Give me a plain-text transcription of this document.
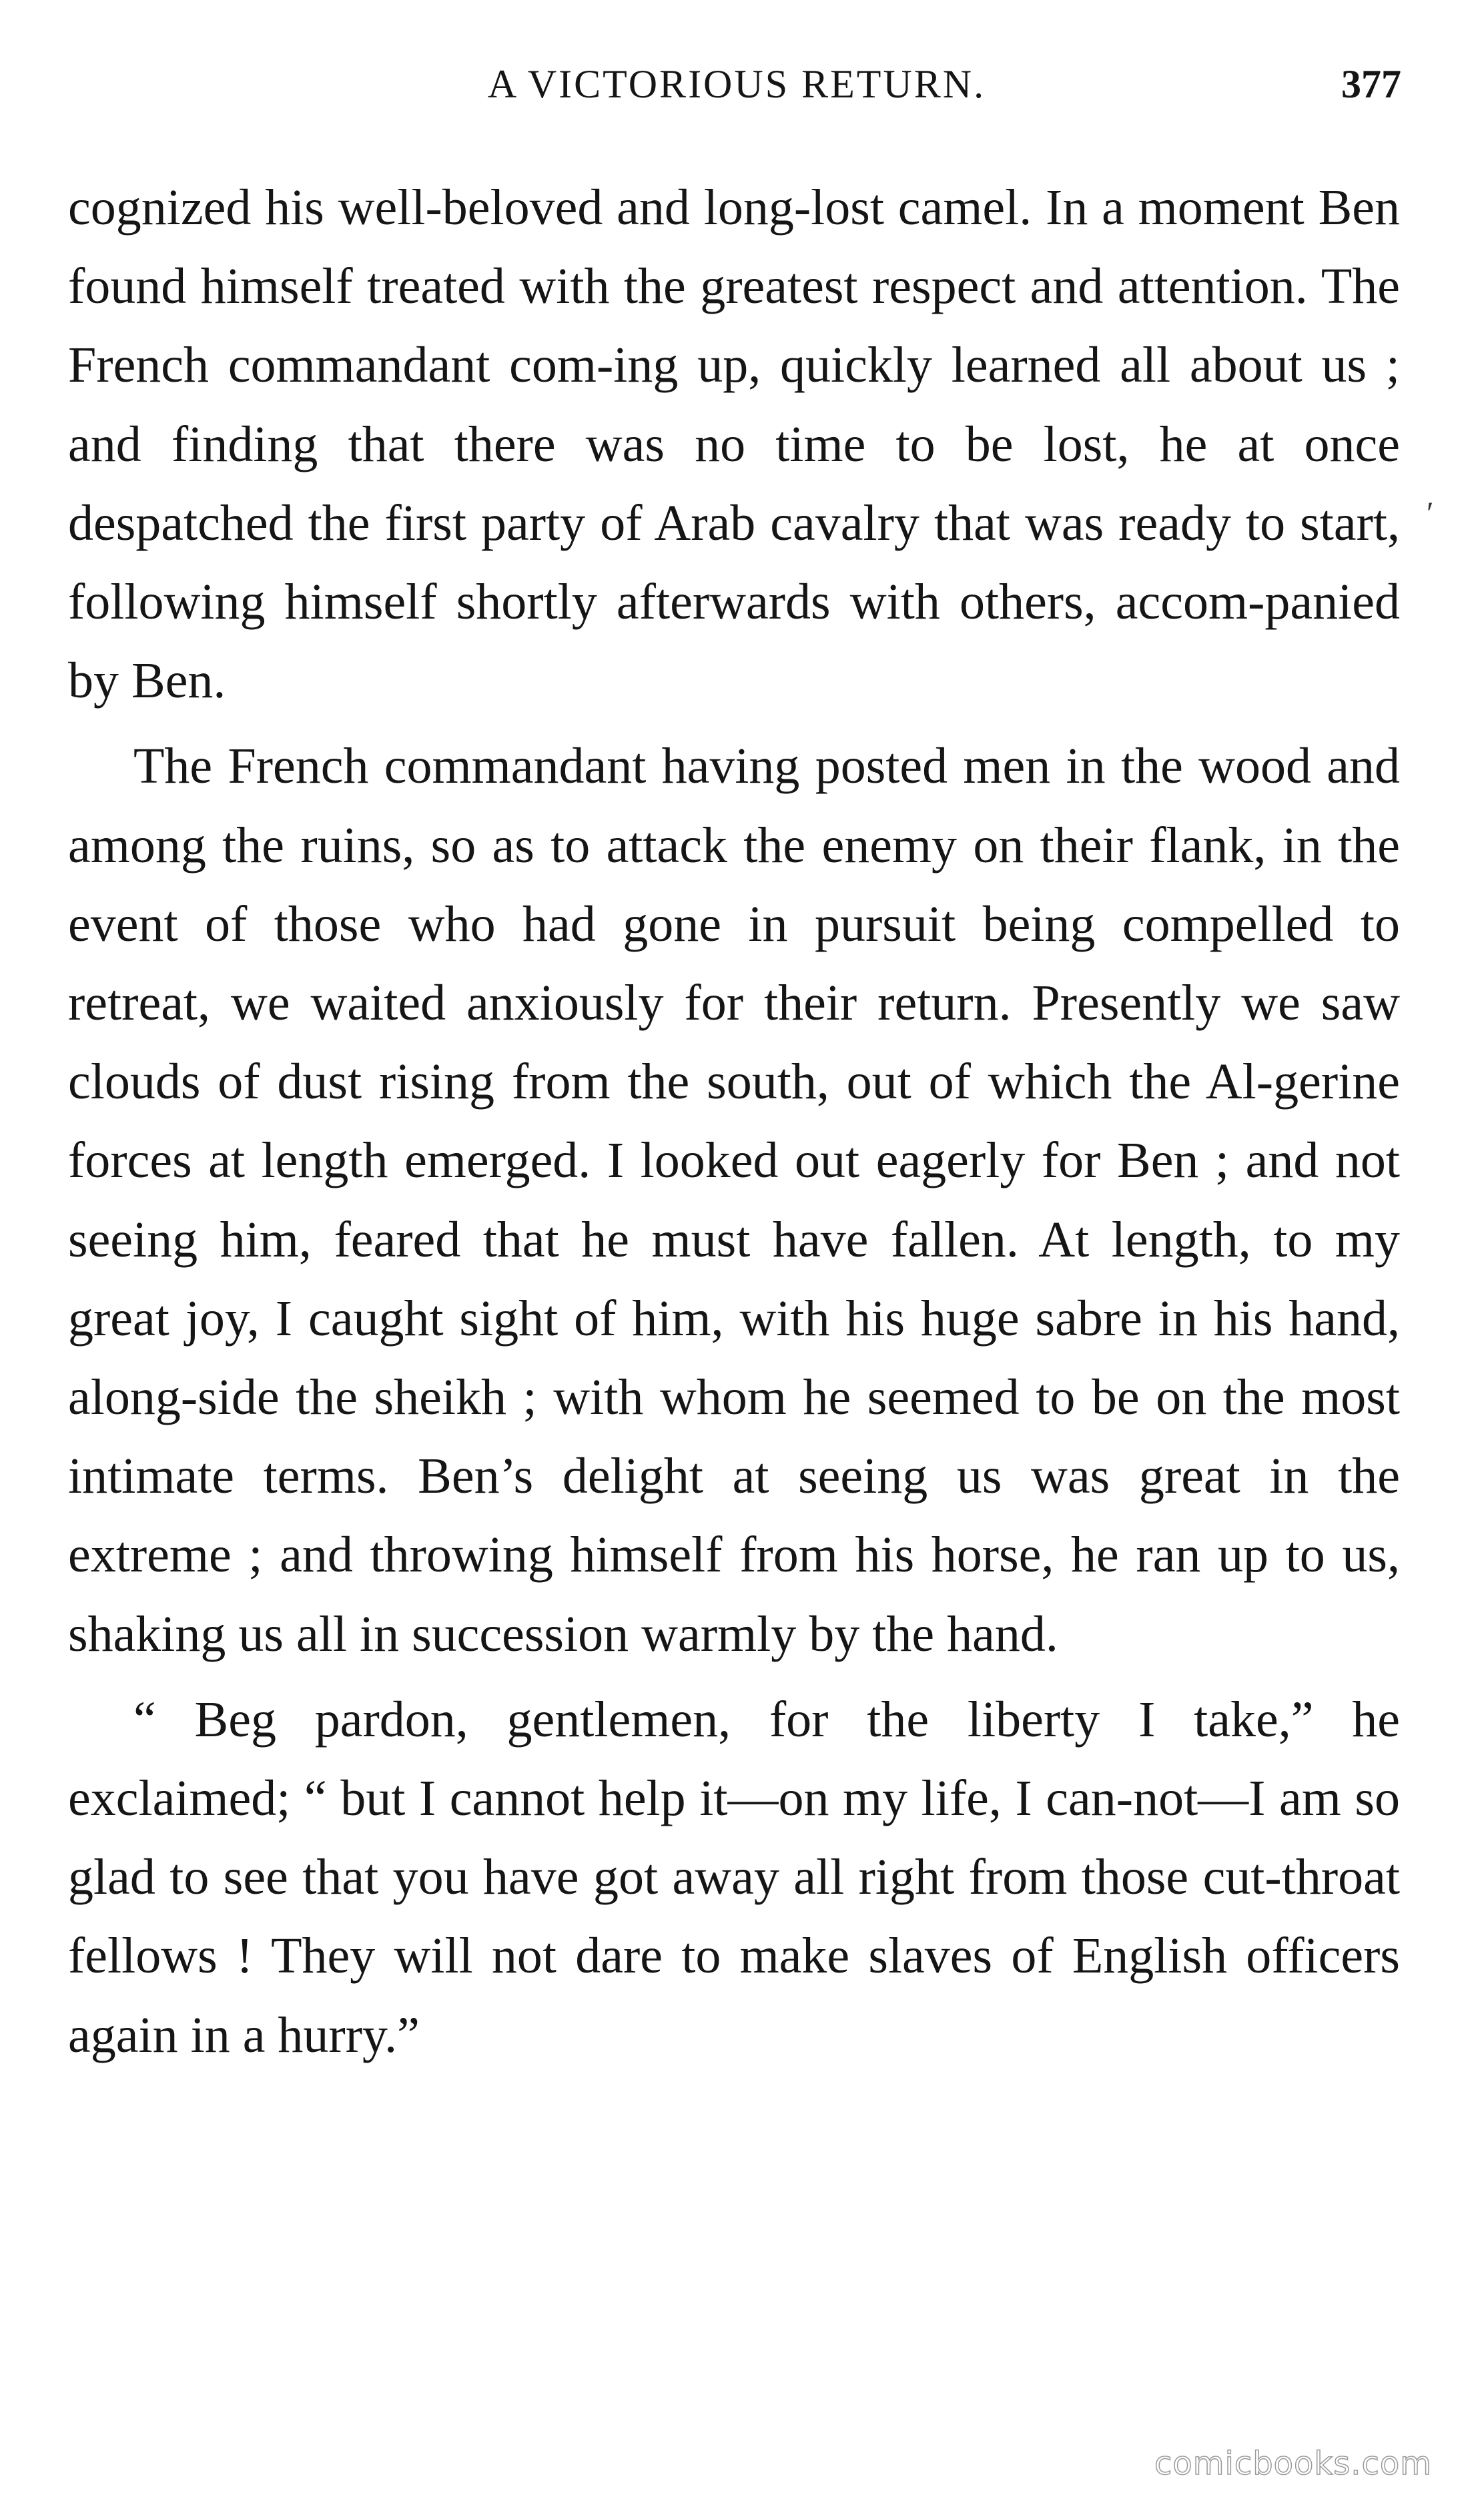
A VICTORIOUS RETURN.	377

cognized his well-beloved and long-lost camel. In a moment Ben found himself treated with the greatest respect and attention. The French commandant com-ing up, quickly learned all about us ; and finding that there was no time to be lost, he at once despatched the first party of Arab cavalry that was ready to start, following himself shortly afterwards with others, accom-panied by Ben.

The French commandant having posted men in the wood and among the ruins, so as to attack the enemy on their flank, in the event of those who had gone in pursuit being compelled to retreat, we waited anxiously for their return. Presently we saw clouds of dust rising from the south, out of which the Al-gerine forces at length emerged. I looked out eagerly for Ben ; and not seeing him, feared that he must have fallen. At length, to my great joy, I caught sight of him, with his huge sabre in his hand, along-side the sheikh ; with whom he seemed to be on the most intimate terms. Ben’s delight at seeing us was great in the extreme ; and throwing himself from his horse, he ran up to us, shaking us all in succession warmly by the hand.

“ Beg pardon, gentlemen, for the liberty I take,” he exclaimed; “ but I cannot help it—on my life, I can-not—I am so glad to see that you have got away all right from those cut-throat fellows ! They will not dare to make slaves of English officers again in a hurry.”

′
comicbooks.com
